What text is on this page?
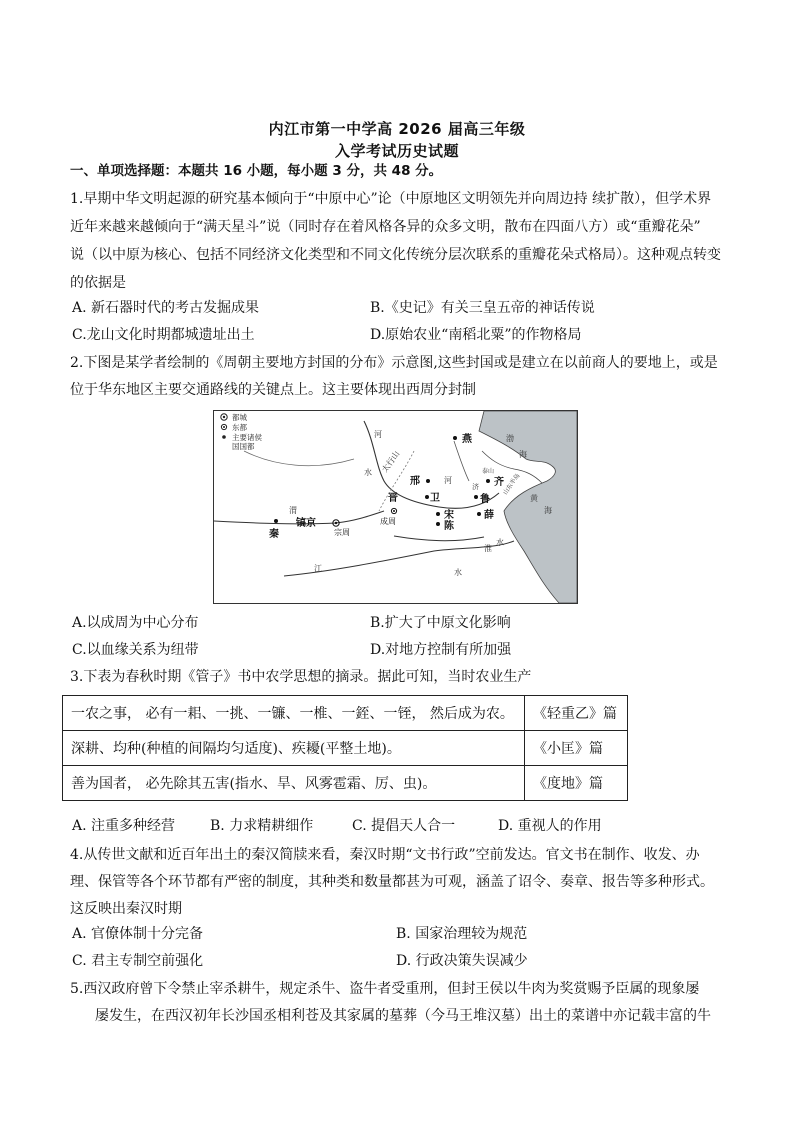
内江市第一中学高 2026 届高三年级
入学考试历史试题
一、单项选择题：本题共 16 小题，每小题 3 分，共 48 分。
1.早期中华文明起源的研究基本倾向于“中原中心”论（中原地区文明领先并向周边持 续扩散），但学术界
近年来越来越倾向于“满天星斗”说（同时存在着风格各异的众多文明，散布在四面八方）或“重瓣花朵”
说（以中原为核心、包括不同经济文化类型和不同文化传统分层次联系的重瓣花朵式格局）。这种观点转变
的依据是
A. 新石器时代的考古发掘成果	B.《史记》有关三皇五帝的神话传说
C.龙山文化时期都城遗址出土	D.原始农业“南稻北粟”的作物格局
2.下图是某学者绘制的《周朝主要地方封国的分布》示意图,这些封国或是建立在以前商人的要地上，或是
位于华东地区主要交通路线的关键点上。这主要体现出西周分封制
都城
东都
主要诸侯
国国都
河
太行山
水
渤
海
泰山
山东半岛
淮
水
渭
江	水
黄
海
河
济
燕
邢	齐
鲁
晋	卫
宋	薛
陈
秦
镐京
宗周
成周
A.以成周为中心分布	B.扩大了中原文化影响
C.以血缘关系为纽带	D.对地方控制有所加强
3.下表为春秋时期《管子》书中农学思想的摘录。据此可知，当时农业生产
一农之事， 必有一耜、一挑、一镰、一椎、一銍、一铚， 然后成为农。	《轻重乙》篇
深耕、均种(种植的间隔均匀适度)、疾耰(平整土地)。	《小匡》篇
善为国者， 必先除其五害(指水、旱、风雾雹霜、厉、虫)。	《度地》篇
A. 注重多种经营 B. 力求精耕细作	C. 提倡天人合一	D. 重视人的作用
4.从传世文献和近百年出土的秦汉简牍来看，秦汉时期“文书行政”空前发达。官文书在制作、收发、办
理、保管等各个环节都有严密的制度，其种类和数量都甚为可观，涵盖了诏令、奏章、报告等多种形式。
这反映出秦汉时期
A. 官僚体制十分完备	B. 国家治理较为规范
C. 君主专制空前强化	D. 行政决策失误减少
5.西汉政府曾下令禁止宰杀耕牛，规定杀牛、盗牛者受重刑，但封王侯以牛肉为奖赏赐予臣属的现象屡
屡发生，在西汉初年长沙国丞相利苍及其家属的墓葬（今马王堆汉墓）出土的菜谱中亦记载丰富的牛
